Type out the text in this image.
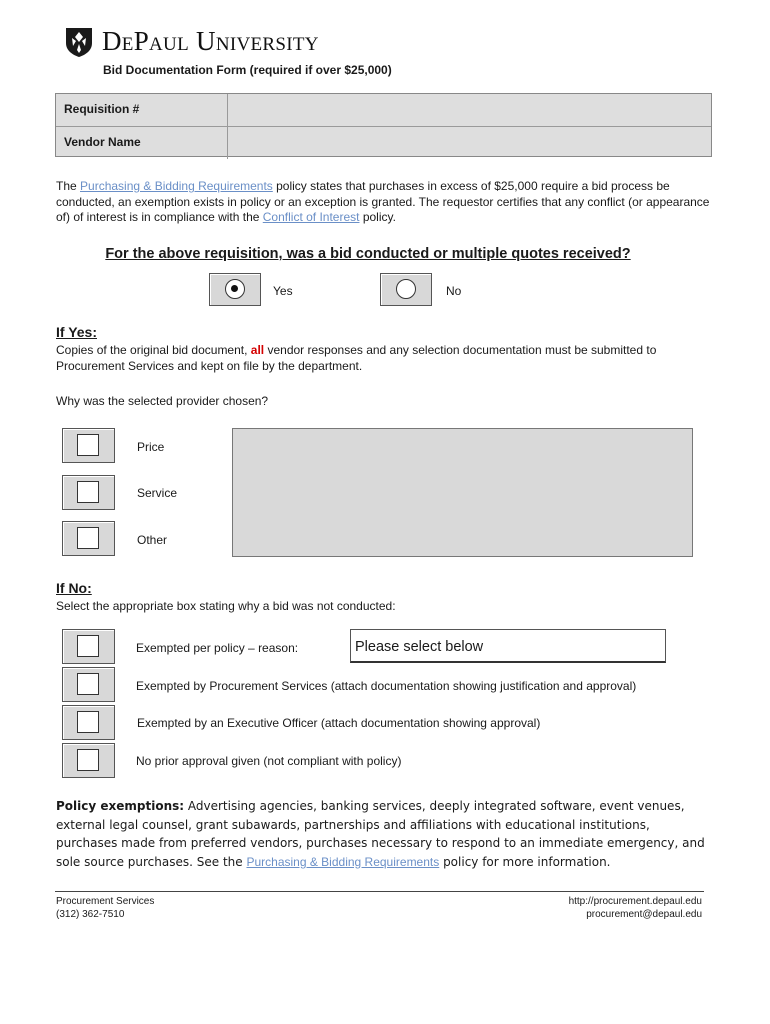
DePaul University
Bid Documentation Form (required if over $25,000)
Requisition #
Vendor Name
The Purchasing & Bidding Requirements policy states that purchases in excess of $25,000 require a bid process be conducted, an exemption exists in policy or an exception is granted. The requestor certifies that any conflict (or appearance of) of interest is in compliance with the Conflict of Interest policy.
For the above requisition, was a bid conducted or multiple quotes received?
Yes	No
If Yes:
Copies of the original bid document, all vendor responses and any selection documentation must be submitted to Procurement Services and kept on file by the department.
Why was the selected provider chosen?
Price
Service
Other
If No:
Select the appropriate box stating why a bid was not conducted:
Exempted per policy – reason:	Please select below
Exempted by Procurement Services (attach documentation showing justification and approval)
Exempted by an Executive Officer (attach documentation showing approval)
No prior approval given (not compliant with policy)
Policy exemptions: Advertising agencies, banking services, deeply integrated software, event venues, external legal counsel, grant subawards, partnerships and affiliations with educational institutions, purchases made from preferred vendors, purchases necessary to respond to an immediate emergency, and sole source purchases. See the Purchasing & Bidding Requirements policy for more information.
Procurement Services
(312) 362-7510
http://procurement.depaul.edu
procurement@depaul.edu
